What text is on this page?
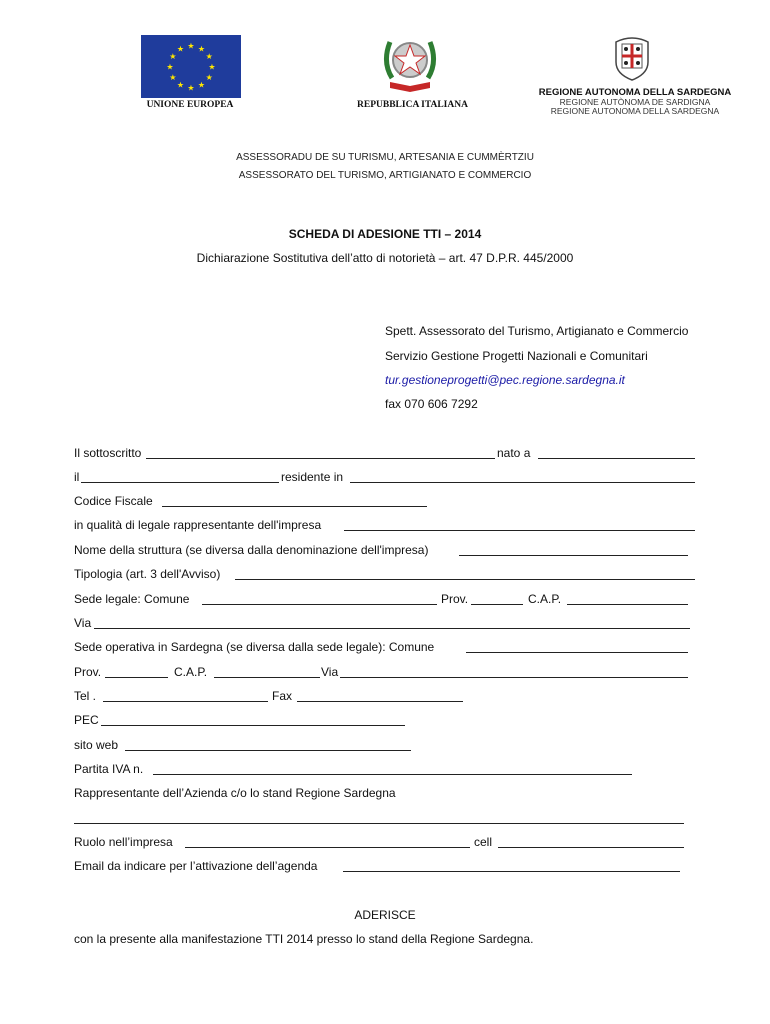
★ ★
★
★
★
★
★
★
★
★
★
★
UNIONE EUROPEA	REPUBBLICA ITALIANA
REGIONE AUTONOMA DELLA SARDEGNA
REGIONE AUTÒNOMA DE SARDIGNA
REGIONE AUTONOMA DELLA SARDEGNA
ASSESSORADU DE SU TURISMU, ARTESANIA E CUMMÈRTZIU
ASSESSORATO DEL TURISMO, ARTIGIANATO E COMMERCIO
SCHEDA DI ADESIONE TTI – 2014
Dichiarazione Sostitutiva dell’atto di notorietà – art. 47 D.P.R. 445/2000
Spett. Assessorato del Turismo, Artigianato e Commercio
Servizio Gestione Progetti Nazionali e Comunitari
tur.gestioneprogetti@pec.regione.sardegna.it
fax 070 606 7292
Il sottoscritto	nato a
il	residente in
Codice Fiscale
in qualità di legale rappresentante dell'impresa
Nome della struttura (se diversa dalla denominazione dell'impresa)
Tipologia (art. 3 dell'Avviso)
Sede legale: Comune	Prov.	C.A.P.
Via
Sede operativa in Sardegna (se diversa dalla sede legale): Comune
Prov.	C.A.P.	Via
Tel .	Fax
PEC
sito web
Partita IVA n.
Rappresentante dell’Azienda c/o lo stand Regione Sardegna
Ruolo nell’impresa	cell
Email da indicare per l’attivazione dell’agenda
ADERISCE
con la presente alla manifestazione TTI 2014 presso lo stand della Regione Sardegna.
